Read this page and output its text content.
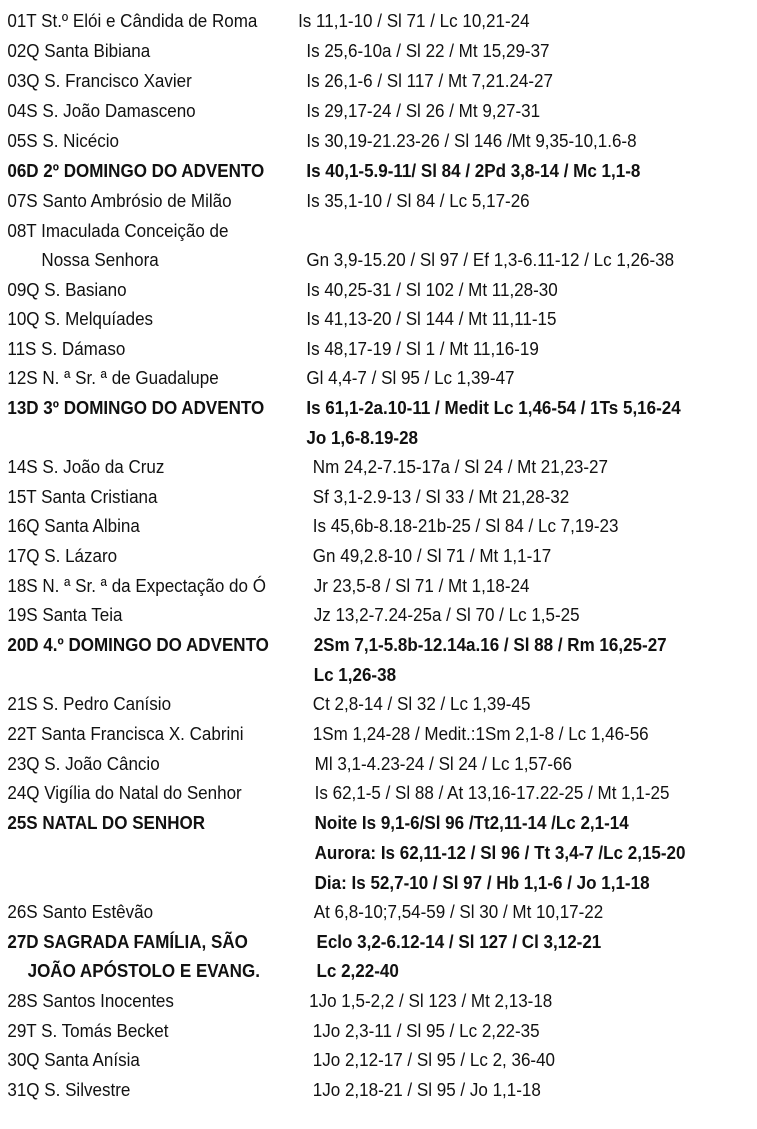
01T St.º Elói e Cândida de Roma Is 11,1-10 / Sl 71 / Lc 10,21-24
02Q Santa Bibiana	Is 25,6-10a / Sl 22 / Mt 15,29-37
03Q S. Francisco Xavier	Is 26,1-6 / Sl 117 / Mt 7,21.24-27
04S S. João Damasceno	Is 29,17-24 / Sl 26 / Mt 9,27-31
05S S. Nicécio	Is 30,19-21.23-26 / Sl 146 /Mt 9,35-10,1.6-8
06D 2º DOMINGO DO ADVENTO Is 40,1-5.9-11/ Sl 84 / 2Pd 3,8-14 / Mc 1,1-8
07S Santo Ambrósio de Milão	Is 35,1-10 / Sl 84 / Lc 5,17-26
08T Imaculada Conceição de
Nossa Senhora	Gn 3,9-15.20 / Sl 97 / Ef 1,3-6.11-12 / Lc 1,26-38
09Q S. Basiano	Is 40,25-31 / Sl 102 / Mt 11,28-30
10Q S. Melquíades	Is 41,13-20 / Sl 144 / Mt 11,11-15
11S S. Dámaso	Is 48,17-19 / Sl 1 / Mt 11,16-19
12S N. ª Sr. ª de Guadalupe	Gl 4,4-7 / Sl 95 / Lc 1,39-47
13D 3º DOMINGO DO ADVENTO Is 61,1-2a.10-11 / Medit Lc 1,46-54 / 1Ts 5,16-24
Jo 1,6-8.19-28
14S S. João da Cruz	Nm 24,2-7.15-17a / Sl 24 / Mt 21,23-27
15T Santa Cristiana	Sf 3,1-2.9-13 / Sl 33 / Mt 21,28-32
16Q Santa Albina	Is 45,6b-8.18-21b-25 / Sl 84 / Lc 7,19-23
17Q S. Lázaro	Gn 49,2.8-10 / Sl 71 / Mt 1,1-17
18S N. ª Sr. ª da Expectação do Ó	Jr 23,5-8 / Sl 71 / Mt 1,18-24
19S Santa Teia	Jz 13,2-7.24-25a / Sl 70 / Lc 1,5-25
20D 4.º DOMINGO DO ADVENTO 2Sm 7,1-5.8b-12.14a.16 / Sl 88 / Rm 16,25-27
Lc 1,26-38
21S S. Pedro Canísio	Ct 2,8-14 / Sl 32 / Lc 1,39-45
22T Santa Francisca X. Cabrini	1Sm 1,24-28 / Medit.:1Sm 2,1-8 / Lc 1,46-56
23Q S. João Câncio	Ml 3,1-4.23-24 / Sl 24 / Lc 1,57-66
24Q Vigília do Natal do Senhor	Is 62,1-5 / Sl 88 / At 13,16-17.22-25 / Mt 1,1-25
25S NATAL DO SENHOR	Noite Is 9,1-6/Sl 96 /Tt2,11-14 /Lc 2,1-14
Aurora: Is 62,11-12 / Sl 96 / Tt 3,4-7 /Lc 2,15-20
Dia: Is 52,7-10 / Sl 97 / Hb 1,1-6 / Jo 1,1-18
26S Santo Estêvão	At 6,8-10;7,54-59 / Sl 30 / Mt 10,17-22
27D SAGRADA FAMÍLIA, SÃO	Eclo 3,2-6.12-14 / Sl 127 / Cl 3,12-21
JOÃO APÓSTOLO E EVANG.	Lc 2,22-40
28S Santos Inocentes	1Jo 1,5-2,2 / Sl 123 / Mt 2,13-18
29T S. Tomás Becket	1Jo 2,3-11 / Sl 95 / Lc 2,22-35
30Q Santa Anísia	1Jo 2,12-17 / Sl 95 / Lc 2, 36-40
31Q S. Silvestre	1Jo 2,18-21 / Sl 95 / Jo 1,1-18
